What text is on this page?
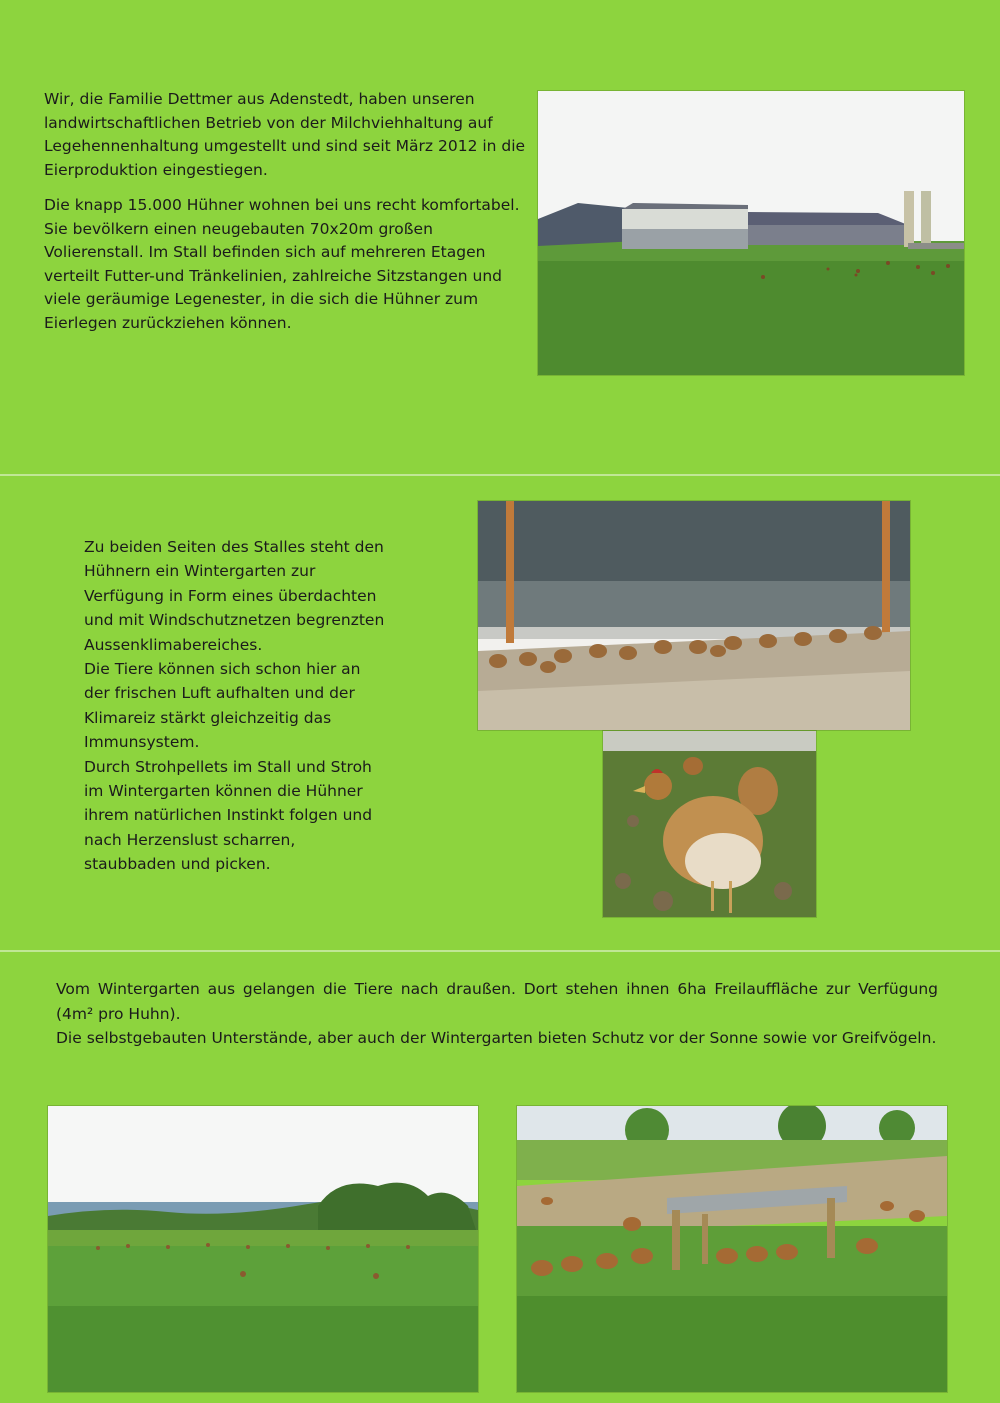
Wir, die Familie Dettmer aus Adenstedt, haben unseren landwirtschaftlichen Betrieb von der Milchviehhaltung auf Legehennenhaltung umgestellt und sind seit März 2012 in die Eierproduktion eingestiegen.

Die knapp 15.000 Hühner wohnen bei uns recht komfortabel. Sie bevölkern einen neugebauten 70x20m großen Volierenstall. Im Stall befinden sich auf mehreren Etagen verteilt Futter-und Tränkelinien, zahlreiche Sitzstangen und viele geräumige Legenester, in die sich die Hühner zum Eierlegen zurückziehen können.

Zu beiden Seiten des Stalles steht den
Hühnern ein Wintergarten zur
Verfügung in Form eines überdachten
und mit Windschutznetzen begrenzten
Aussenklimabereiches.
Die Tiere können sich schon hier an
der frischen Luft aufhalten und der
Klimareiz stärkt gleichzeitig das
Immunsystem.
Durch Strohpellets im Stall und Stroh
im Wintergarten können die Hühner
ihrem natürlichen Instinkt folgen und
nach Herzenslust scharren,
staubbaden und picken.

Vom Wintergarten aus gelangen die Tiere nach draußen. Dort stehen ihnen 6ha Freilauffläche zur Verfügung (4m² pro Huhn).

Die selbstgebauten Unterstände, aber auch der Wintergarten bieten Schutz vor der Sonne sowie vor Greifvögeln.
